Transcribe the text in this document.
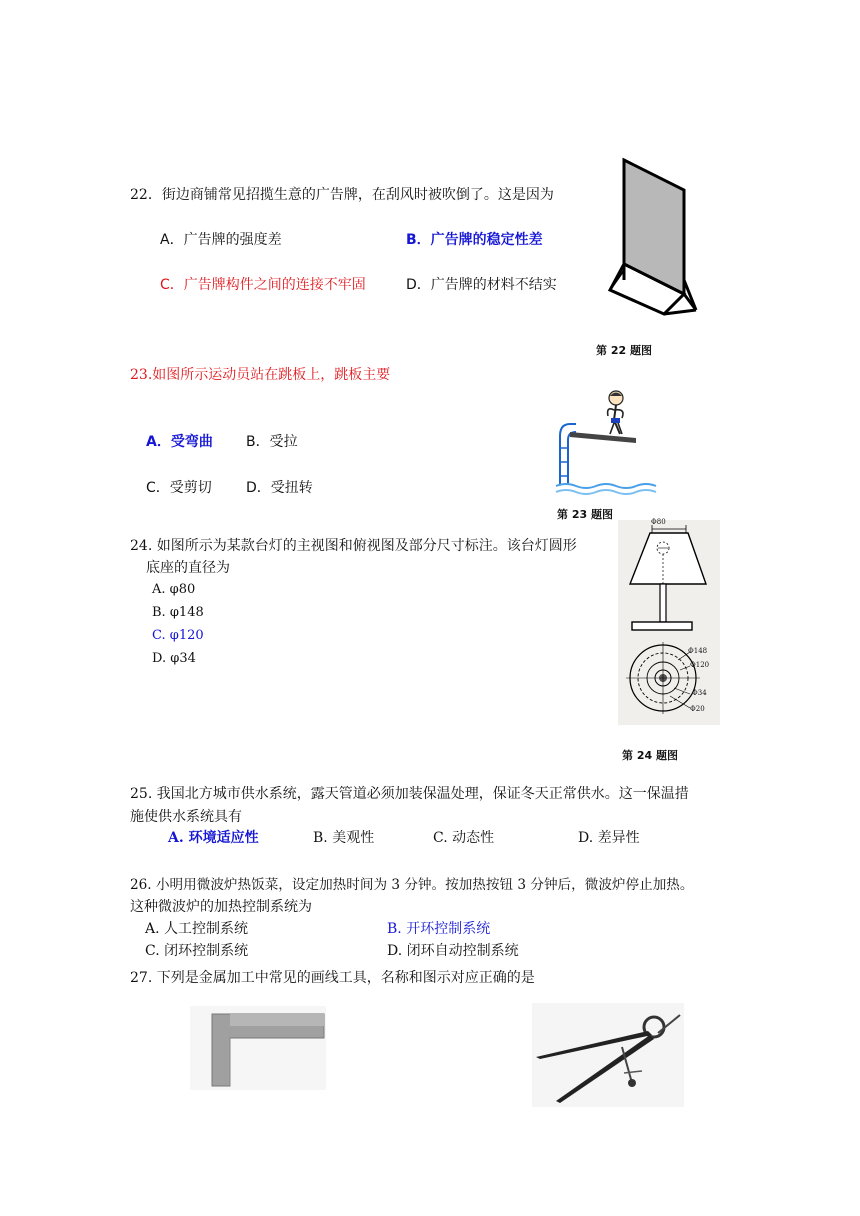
22．街边商铺常见招揽生意的广告牌，在刮风时被吹倒了。这是因为
A．广告牌的强度差	B．广告牌的稳定性差
C．广告牌构件之间的连接不牢固	D．广告牌的材料不结实
第 22 题图
23.如图所示运动员站在跳板上，跳板主要
A．受弯曲 B．受拉
C．受剪切 D．受扭转
第 23 题图
24. 如图所示为某款台灯的主视图和俯视图及部分尺寸标注。该台灯圆形
底座的直径为
A. φ80
B. φ148
C. φ120
D. φ34
Φ80
Φ148
Φ120
Φ34
Φ20
第 24 题图
25. 我国北方城市供水系统，露天管道必须加装保温处理，保证冬天正常供水。这一保温措
施使供水系统具有
A. 环境适应性	B. 美观性	C. 动态性	D. 差异性
26. 小明用微波炉热饭菜，设定加热时间为 3 分钟。按加热按钮 3 分钟后，微波炉停止加热。
这种微波炉的加热控制系统为
A. 人工控制系统	B. 开环控制系统
C. 闭环控制系统	D. 闭环自动控制系统
27. 下列是金属加工中常见的画线工具，名称和图示对应正确的是
